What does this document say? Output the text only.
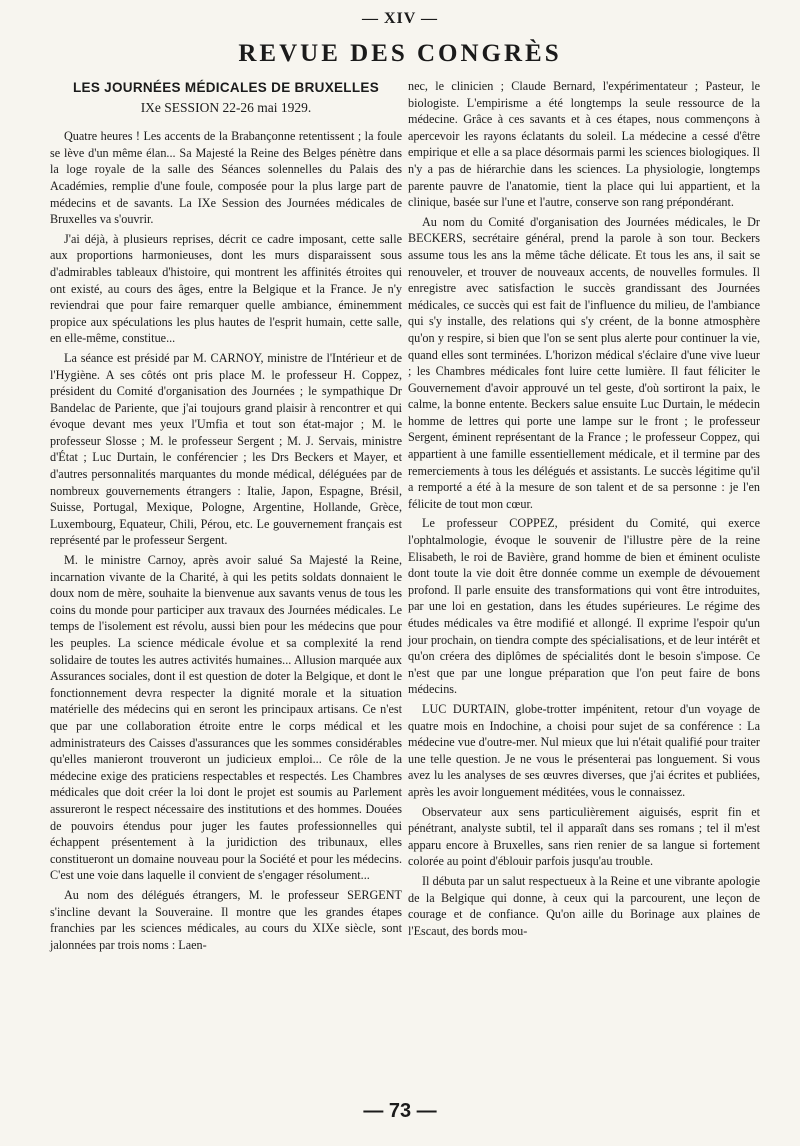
— XIV —
REVUE DES CONGRÈS
LES JOURNÉES MÉDICALES DE BRUXELLES
IXe SESSION 22-26 mai 1929.

Quatre heures ! Les accents de la Brabançonne retentissent ; la foule se lève d'un même élan... Sa Majesté la Reine des Belges pénètre dans la loge royale de la salle des Séances solennelles du Palais des Académies, remplie d'une foule, composée pour la plus large part de médecins et de savants. La IXe Session des Journées médicales de Bruxelles va s'ouvrir.

J'ai déjà, à plusieurs reprises, décrit ce cadre imposant, cette salle aux proportions harmonieuses, dont les murs disparaissent sous d'admirables tableaux d'histoire, qui montrent les affinités étroites qui ont existé, au cours des âges, entre la Belgique et la France. Je n'y reviendrai que pour faire remarquer quelle ambiance, éminemment propice aux spéculations les plus hautes de l'esprit humain, cette salle, en elle-même, constitue...

La séance est présidé par M. CARNOY, ministre de l'Intérieur et de l'Hygiène. A ses côtés ont pris place M. le professeur H. Coppez, président du Comité d'organisation des Journées ; le sympathique Dr Bandelac de Pariente, que j'ai toujours grand plaisir à rencontrer et qui évoque devant mes yeux l'Umfia et tout son état-major ; M. le professeur Slosse ; M. le professeur Sergent ; M. J. Servais, ministre d'État ; Luc Durtain, le conférencier ; les Drs Beckers et Mayer, et d'autres personnalités marquantes du monde médical, déléguées par de nombreux gouvernements étrangers : Italie, Japon, Espagne, Brésil, Suisse, Portugal, Mexique, Pologne, Argentine, Hollande, Grèce, Luxembourg, Equateur, Chili, Pérou, etc. Le gouvernement français est représenté par le professeur Sergent.

M. le ministre Carnoy, après avoir salué Sa Majesté la Reine, incarnation vivante de la Charité, à qui les petits soldats donnaient le doux nom de mère, souhaite la bienvenue aux savants venus de tous les coins du monde pour participer aux travaux des Journées médicales. Le temps de l'isolement est révolu, aussi bien pour les médecins que pour les peuples. La science médicale évolue et sa complexité la rend solidaire de toutes les autres activités humaines... Allusion marquée aux Assurances sociales, dont il est question de doter la Belgique, et dont le fonctionnement devra respecter la dignité morale et la situation matérielle des médecins qui en seront les principaux artisans. Ce n'est que par une collaboration étroite entre le corps médical et les administrateurs des Caisses d'assurances que les sommes considérables qu'elles manieront trouveront un judicieux emploi... Ce rôle de la médecine exige des praticiens respectables et respectés. Les Chambres médicales que doit créer la loi dont le projet est soumis au Parlement assureront le respect nécessaire des institutions et des hommes. Douées de pouvoirs étendus pour juger les fautes professionnelles qui échappent présentement à la juridiction des tribunaux, elles constitueront un domaine nouveau pour la Société et pour les médecins. C'est une voie dans laquelle il convient de s'engager résolument...

Au nom des délégués étrangers, M. le professeur SERGENT s'incline devant la Souveraine. Il montre que les grandes étapes franchies par les sciences médicales, au cours du XIXe siècle, sont jalonnées par trois noms : Laen-

nec, le clinicien ; Claude Bernard, l'expérimentateur ; Pasteur, le biologiste. L'empirisme a été longtemps la seule ressource de la médecine. Grâce à ces savants et à ces étapes, nous commençons à apercevoir les rayons éclatants du soleil. La médecine a cessé d'être empirique et elle a sa place désormais parmi les sciences biologiques. Il n'y a pas de hiérarchie dans les sciences. La physiologie, longtemps parente pauvre de l'anatomie, tient la place qui lui appartient, et la clinique, basée sur l'une et l'autre, conserve son rang prépondérant.

Au nom du Comité d'organisation des Journées médicales, le Dr BECKERS, secrétaire général, prend la parole à son tour. Beckers assume tous les ans la même tâche délicate. Et tous les ans, il sait se renouveler, et trouver de nouveaux accents, de nouvelles formules. Il enregistre avec satisfaction le succès grandissant des Journées médicales, ce succès qui est fait de l'influence du milieu, de l'ambiance qui s'y installe, des relations qui s'y créent, de la bonne atmosphère qu'on y respire, si bien que l'on se sent plus alerte pour continuer la vie, quand elles sont terminées. L'horizon médical s'éclaire d'une vive lueur ; les Chambres médicales font luire cette lumière. Il faut féliciter le Gouvernement d'avoir approuvé un tel geste, d'où sortiront la paix, le calme, la bonne entente. Beckers salue ensuite Luc Durtain, le médecin homme de lettres qui porte une lampe sur le front ; le professeur Sergent, éminent représentant de la France ; le professeur Coppez, qui appartient à une famille essentiellement médicale, et il termine par des remerciements à tous les délégués et assistants. Le succès légitime qu'il a remporté a été à la mesure de son talent et de sa personne : je l'en félicite de tout mon cœur.

Le professeur COPPEZ, président du Comité, qui exerce l'ophtalmologie, évoque le souvenir de l'illustre père de la reine Elisabeth, le roi de Bavière, grand homme de bien et éminent oculiste dont toute la vie doit être donnée comme un exemple de dévouement profond. Il parle ensuite des transformations qui vont être introduites, par une loi en gestation, dans les études supérieures. Le régime des études médicales va être modifié et allongé. Il exprime l'espoir qu'un jour prochain, on tiendra compte des spécialisations, et de leur intérêt et qu'on créera des diplômes de spécialités dont le besoin s'impose. Ce n'est que par une longue préparation que l'on peut faire de bons médecins.

LUC DURTAIN, globe-trotter impénitent, retour d'un voyage de quatre mois en Indochine, a choisi pour sujet de sa conférence : La médecine vue d'outre-mer. Nul mieux que lui n'était qualifié pour traiter une telle question. Je ne vous le présenterai pas longuement. Si vous avez lu les analyses de ses œuvres diverses, que j'ai écrites et publiées, après les avoir longuement méditées, vous le connaissez.

Observateur aux sens particulièrement aiguisés, esprit fin et pénétrant, analyste subtil, tel il apparaît dans ses romans ; tel il m'est apparu encore à Bruxelles, sans rien renier de sa langue si fortement colorée au point d'éblouir parfois jusqu'au trouble.

Il débuta par un salut respectueux à la Reine et une vibrante apologie de la Belgique qui donne, à ceux qui la parcourent, une leçon de courage et de confiance. Qu'on aille du Borinage aux plaines de l'Escaut, des bords mou-

— 73 —
